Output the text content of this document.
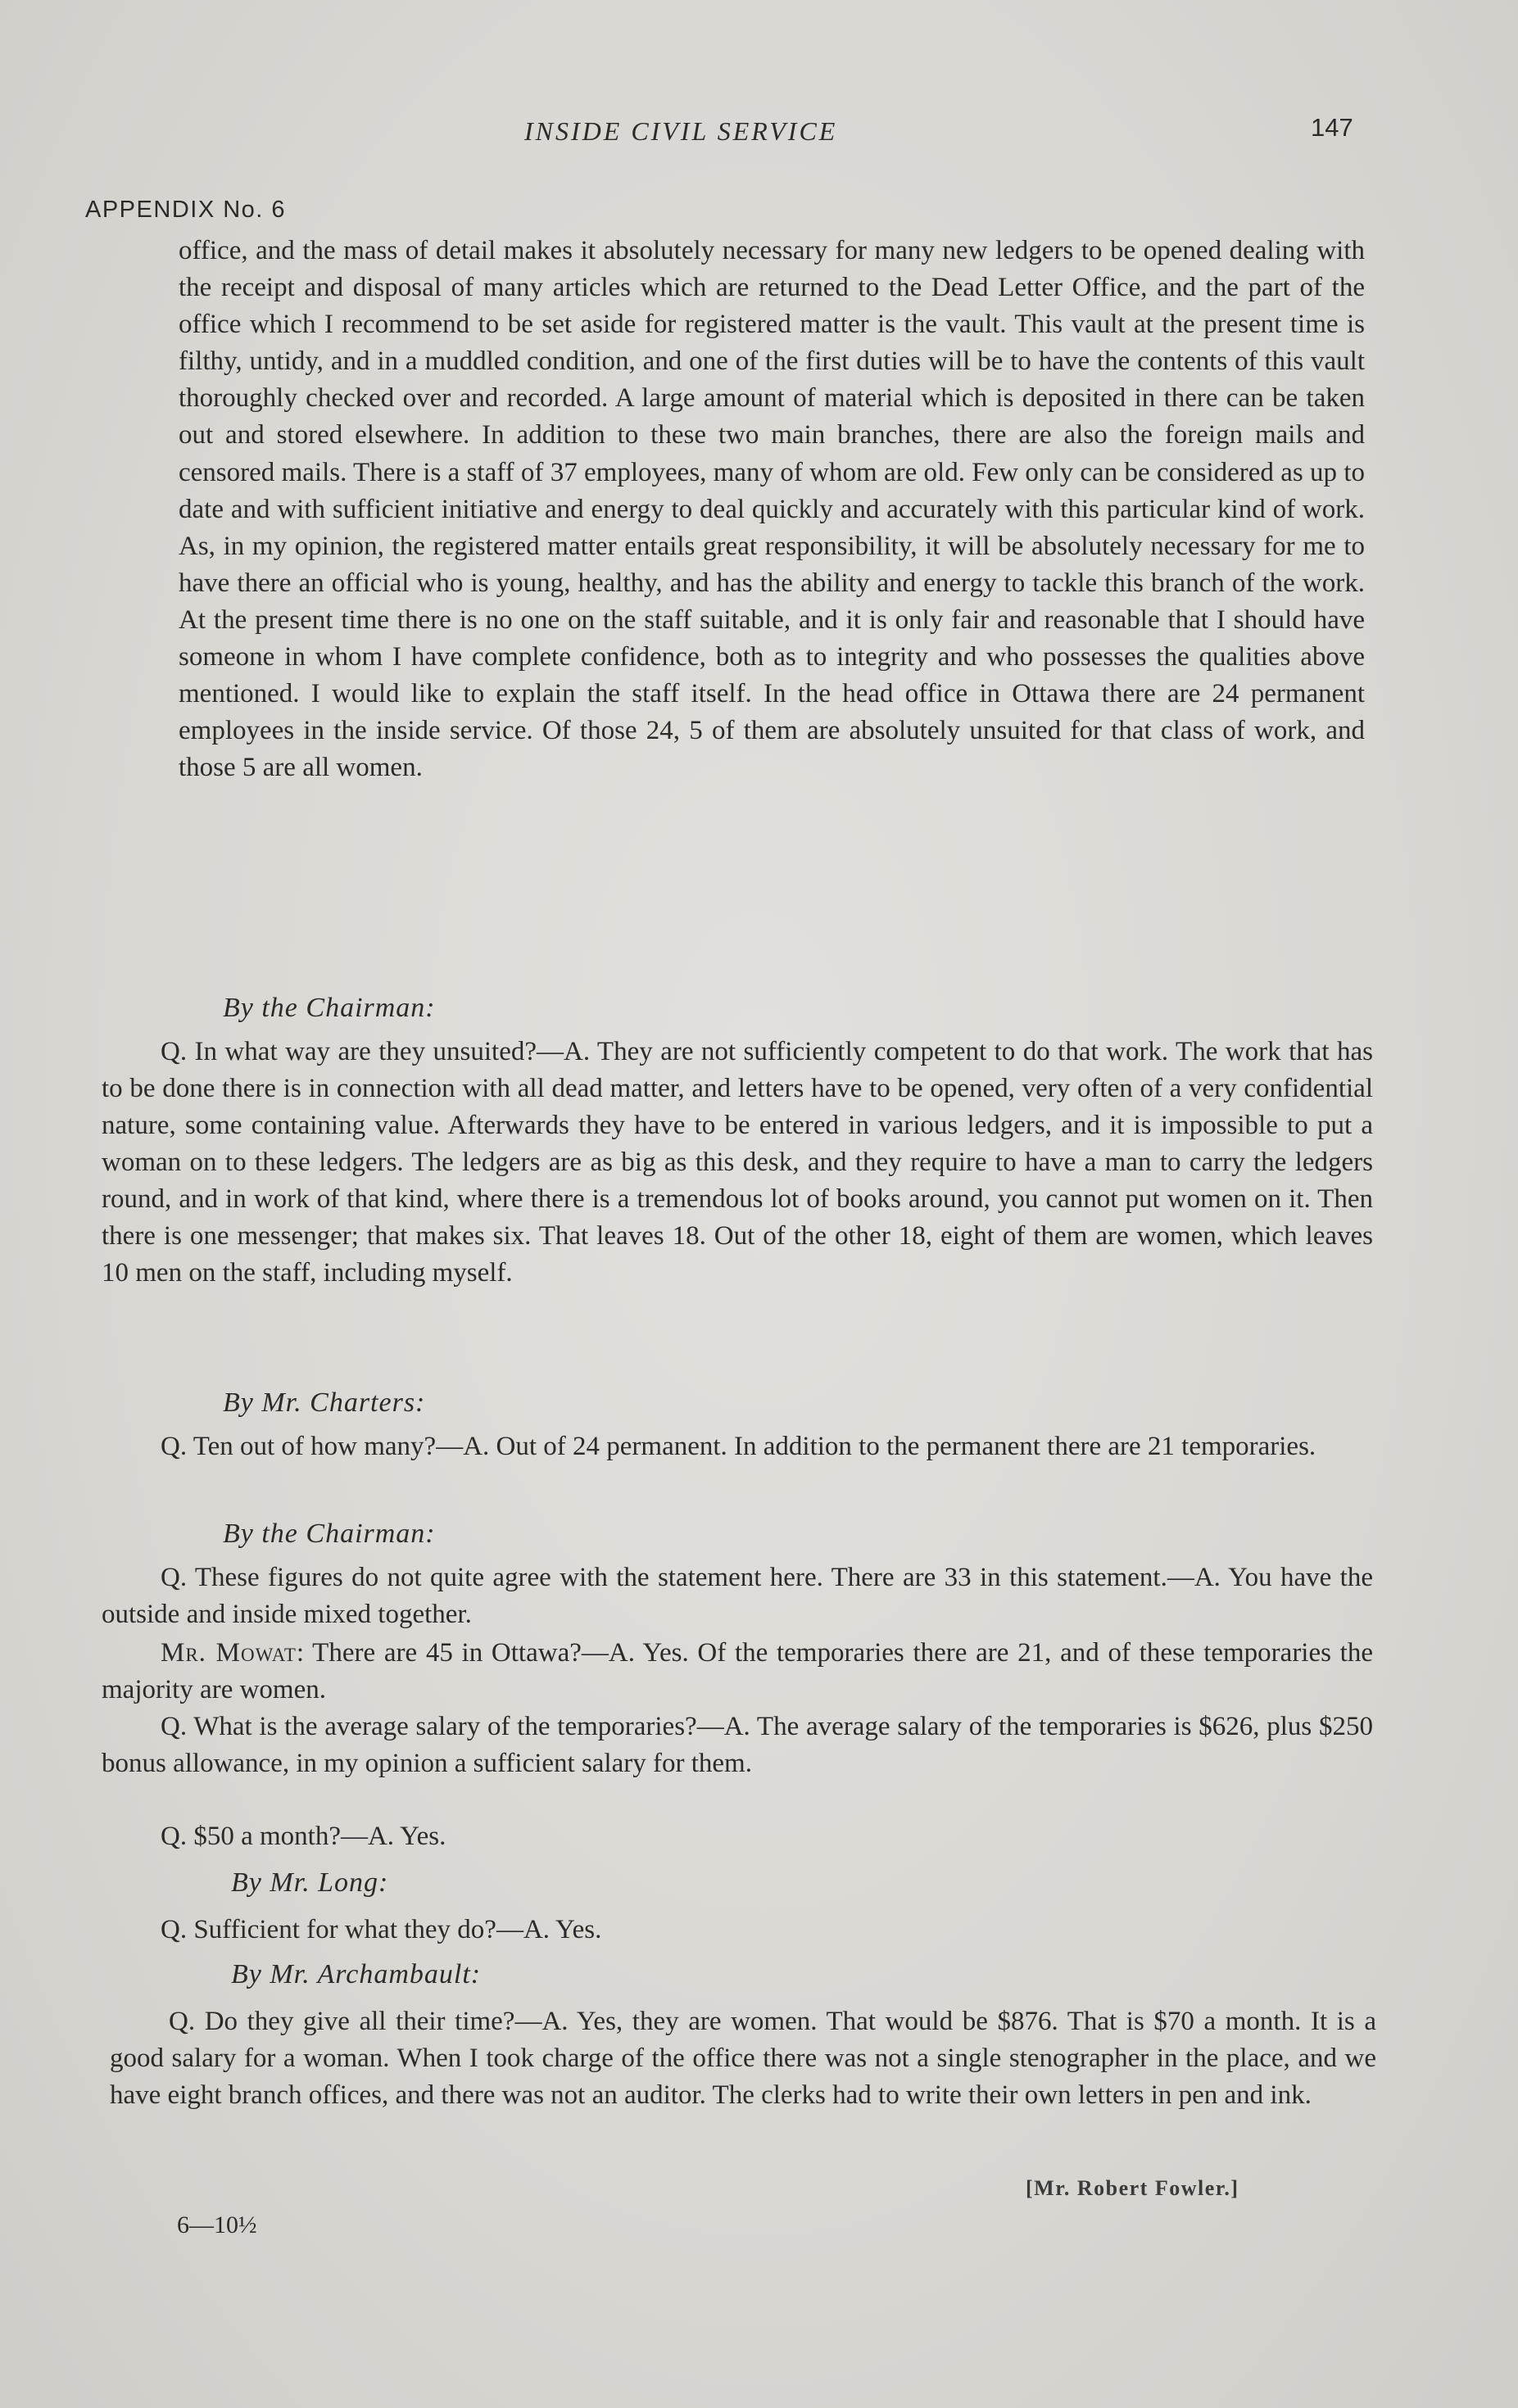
INSIDE CIVIL SERVICE	147
APPENDIX No. 6
office, and the mass of detail makes it absolutely necessary for many new ledgers to be opened dealing with the receipt and disposal of many articles which are returned to the Dead Letter Office, and the part of the office which I recommend to be set aside for registered matter is the vault. This vault at the present time is filthy, untidy, and in a muddled condition, and one of the first duties will be to have the contents of this vault thoroughly checked over and recorded. A large amount of material which is deposited in there can be taken out and stored elsewhere. In addition to these two main branches, there are also the foreign mails and censored mails. There is a staff of 37 employees, many of whom are old. Few only can be considered as up to date and with sufficient initiative and energy to deal quickly and accurately with this particular kind of work. As, in my opinion, the registered matter entails great responsibility, it will be absolutely necessary for me to have there an official who is young, healthy, and has the ability and energy to tackle this branch of the work. At the present time there is no one on the staff suitable, and it is only fair and reasonable that I should have someone in whom I have complete confidence, both as to integrity and who possesses the qualities above mentioned. I would like to explain the staff itself. In the head office in Ottawa there are 24 permanent employees in the inside service. Of those 24, 5 of them are absolutely unsuited for that class of work, and those 5 are all women.
By the Chairman:
Q. In what way are they unsuited?—A. They are not sufficiently competent to do that work. The work that has to be done there is in connection with all dead matter, and letters have to be opened, very often of a very confidential nature, some containing value. Afterwards they have to be entered in various ledgers, and it is impossible to put a woman on to these ledgers. The ledgers are as big as this desk, and they require to have a man to carry the ledgers round, and in work of that kind, where there is a tremendous lot of books around, you cannot put women on it. Then there is one messenger; that makes six. That leaves 18. Out of the other 18, eight of them are women, which leaves 10 men on the staff, including myself.
By Mr. Charters:
Q. Ten out of how many?—A. Out of 24 permanent. In addition to the permanent there are 21 temporaries.
By the Chairman:
Q. These figures do not quite agree with the statement here. There are 33 in this statement.—A. You have the outside and inside mixed together.
Mr. Mowat: There are 45 in Ottawa?—A. Yes. Of the temporaries there are 21, and of these temporaries the majority are women.
Q. What is the average salary of the temporaries?—A. The average salary of the temporaries is $626, plus $250 bonus allowance, in my opinion a sufficient salary for them.
Q. $50 a month?—A. Yes.
By Mr. Long:
Q. Sufficient for what they do?—A. Yes.
By Mr. Archambault:
Q. Do they give all their time?—A. Yes, they are women. That would be $876. That is $70 a month. It is a good salary for a woman. When I took charge of the office there was not a single stenographer in the place, and we have eight branch offices, and there was not an auditor. The clerks had to write their own letters in pen and ink.
[Mr. Robert Fowler.]
6—10½
